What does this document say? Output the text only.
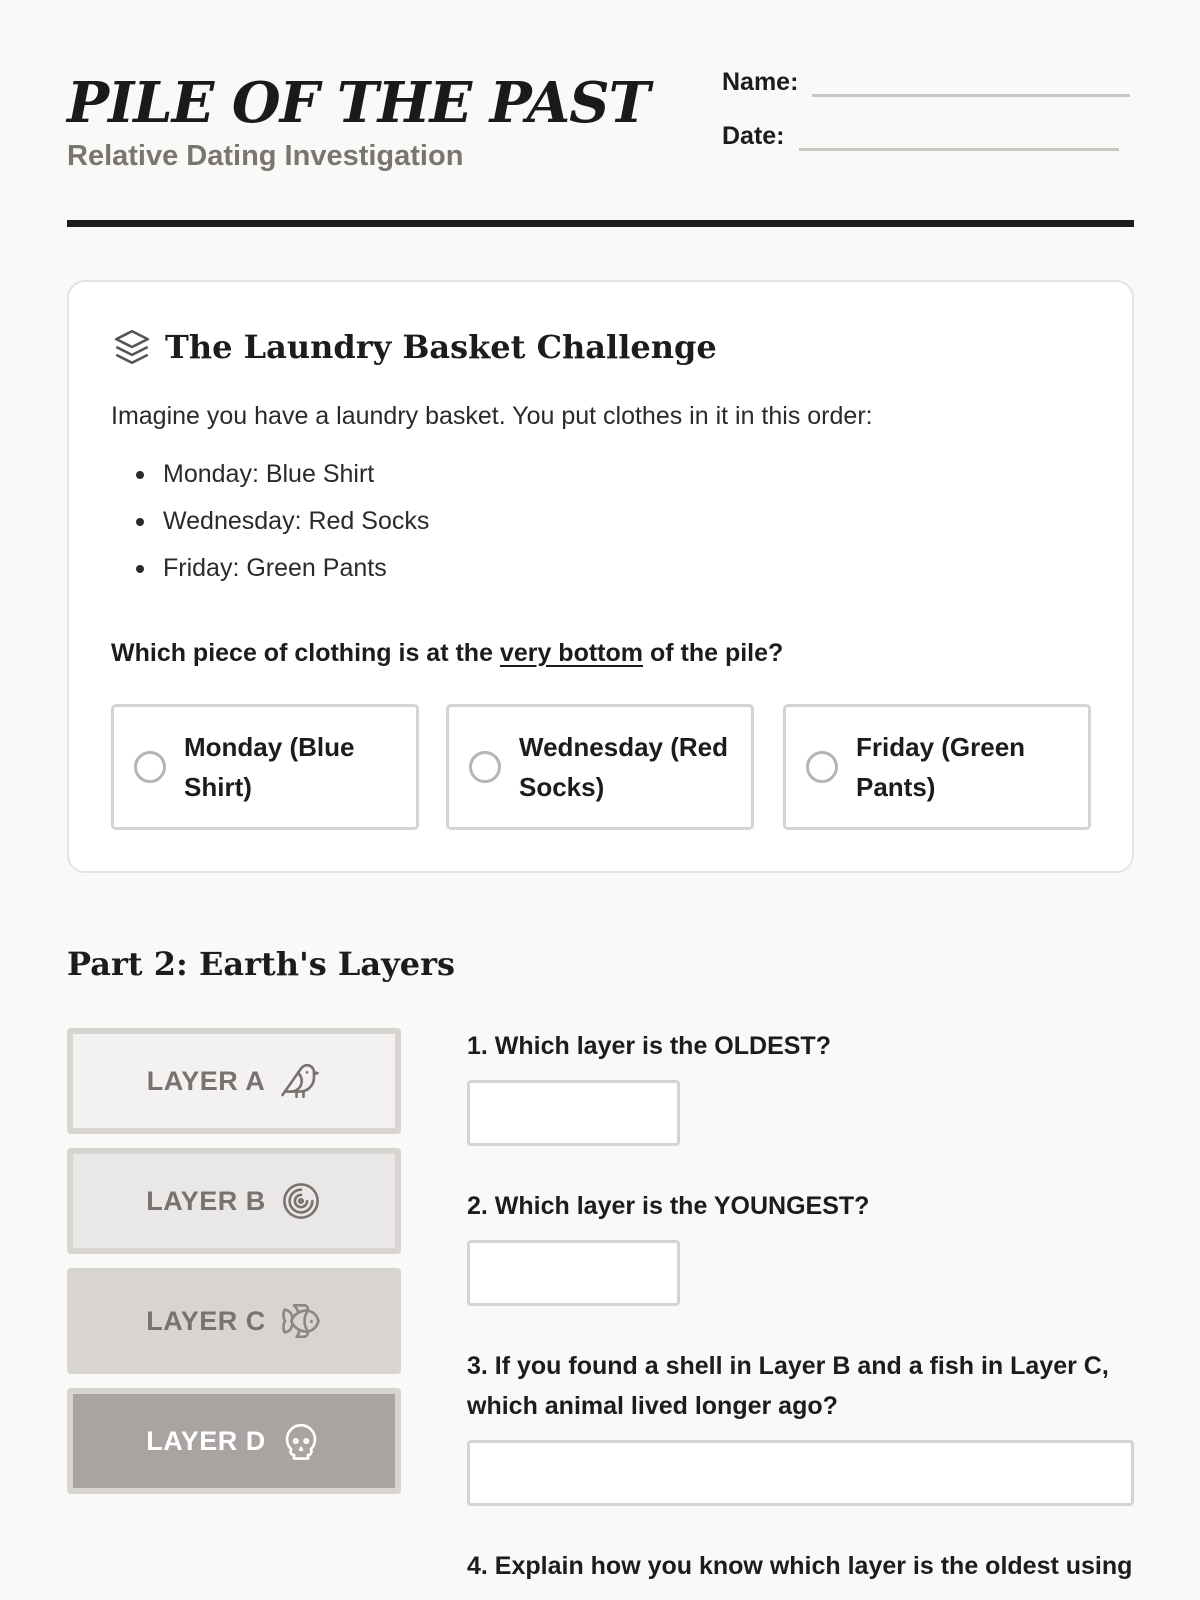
PILE OF THE PAST
Relative Dating Investigation
Name:
Date:
The Laundry Basket Challenge
Imagine you have a laundry basket. You put clothes in it in this order:
Monday: Blue Shirt
Wednesday: Red Socks
Friday: Green Pants
Which piece of clothing is at the very bottom of the pile?
Monday (Blue
Shirt)
Wednesday (Red
Socks)
Friday (Green
Pants)
Part 2: Earth's Layers
LAYER A
LAYER B
LAYER C
LAYER D
1. Which layer is the OLDEST?
2. Which layer is the YOUNGEST?
3. If you found a shell in Layer B and a fish in Layer C,
which animal lived longer ago?
4. Explain how you know which layer is the oldest using
